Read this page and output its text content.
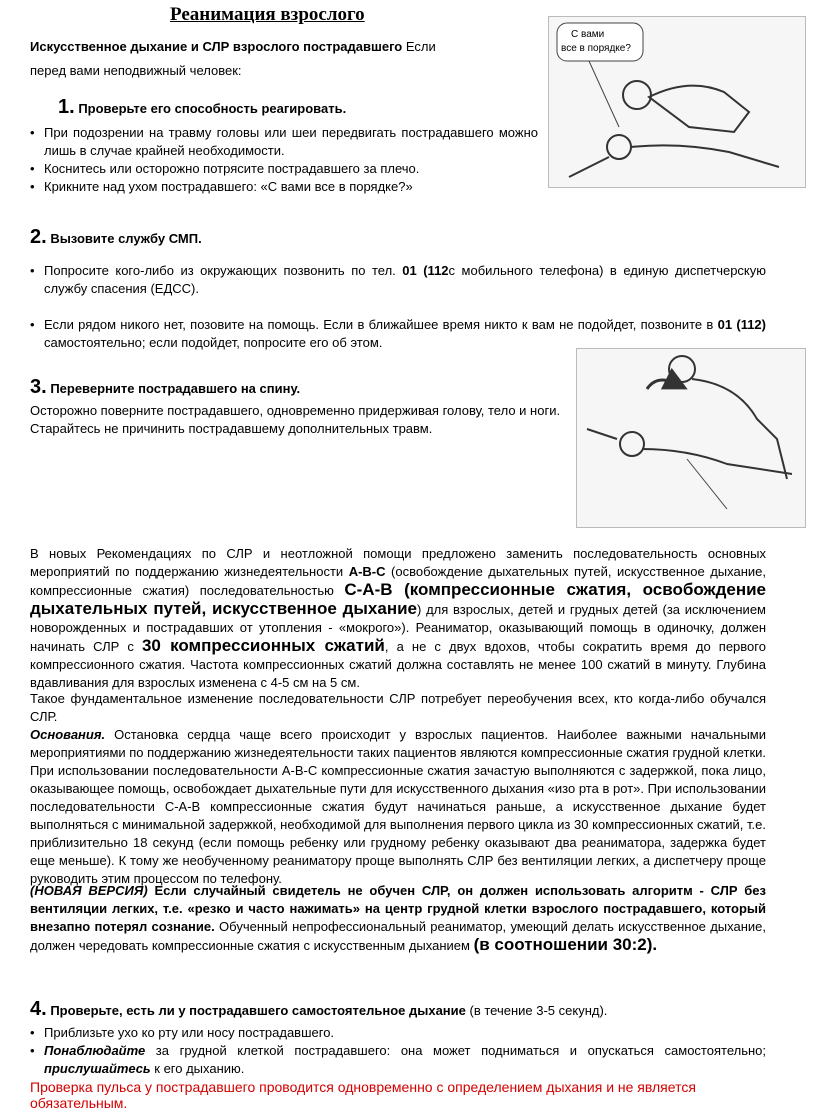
Реанимация взрослого
Искусственное дыхание и СЛР взрослого пострадавшего Если
перед вами неподвижный человек:
С вами
все в порядке?
1. Проверьте его способность реагировать.
• При подозрении на травму головы или шеи передвигать пострадавшего можно лишь в случае крайней необходимости.
• Коснитесь или осторожно потрясите пострадавшего за плечо.
• Крикните над ухом пострадавшего: «С вами все в порядке?»
2. Вызовите службу СМП.
• Попросите кого-либо из окружающих позвонить по тел. 01 (112с мобильного телефона) в единую диспетчерскую службу спасения (ЕДСС).
• Если рядом никого нет, позовите на помощь. Если в ближайшее время никто к вам не подойдет, позвоните в 01 (112) самостоятельно; если подойдет, попросите его об этом.
3. Переверните пострадавшего на спину.
Осторожно поверните пострадавшего, одновременно придерживая голову, тело и ноги. Старайтесь не причинить пострадавшему дополнительных травм.
В новых Рекомендациях по СЛР и неотложной помощи предложено заменить последовательность основных мероприятий по поддержанию жизнедеятельности А-В-С (освобождение дыхательных путей, искусственное дыхание, компрессионные сжатия) последовательностью С-А-В (компрессионные сжатия, освобождение дыхательных путей, искусственное дыхание) для взрослых, детей и грудных детей (за исключением новорожденных и пострадавших от утопления - «мокрого»). Реаниматор, оказывающий помощь в одиночку, должен начинать СЛР с 30 компрессионных сжатий, а не с двух вдохов, чтобы сократить время до первого компрессионного сжатия. Частота компрессионных сжатий должна составлять не менее 100 сжатий в минуту. Глубина вдавливания для взрослых изменена с 4-5 см на 5 см.
Такое фундаментальное изменение последовательности СЛР потребует переобучения всех, кто когда-либо обучался СЛР.
Основания. Остановка сердца чаще всего происходит у взрослых пациентов. Наиболее важными начальными мероприятиями по поддержанию жизнедеятельности таких пациентов являются компрессионные сжатия грудной клетки. При использовании последовательности А-В-С компрессионные сжатия зачастую выполняются с задержкой, пока лицо, оказывающее помощь, освобождает дыхательные пути для искусственного дыхания «изо рта в рот». При использовании последовательности С-А-В компрессионные сжатия будут начинаться раньше, а искусственное дыхание будет выполняться с минимальной задержкой, необходимой для выполнения первого цикла из 30 компрессионных сжатий, т.е. приблизительно 18 секунд (если помощь ребенку или грудному ребенку оказывают два реаниматора, задержка будет еще меньше). К тому же необученному реаниматору проще выполнять СЛР без вентиляции легких, а диспетчеру проще руководить этим процессом по телефону.
(НОВАЯ ВЕРСИЯ) Если случайный свидетель не обучен СЛР, он должен использовать алгоритм - СЛР без вентиляции легких, т.е. «резко и часто нажимать» на центр грудной клетки взрослого пострадавшего, который внезапно потерял сознание. Обученный непрофессиональный реаниматор, умеющий делать искусственное дыхание, должен чередовать компрессионные сжатия с искусственным дыханием (в соотношении 30:2).
4. Проверьте, есть ли у пострадавшего самостоятельное дыхание (в течение 3-5 секунд).
• Приблизьте ухо ко рту или носу пострадавшего.
• Понаблюдайте за грудной клеткой пострадавшего: она может подниматься и опускаться самостоятельно; прислушайтесь к его дыханию.
Проверка пульса у пострадавшего проводится одновременно с определением дыхания и не является обязательным.
